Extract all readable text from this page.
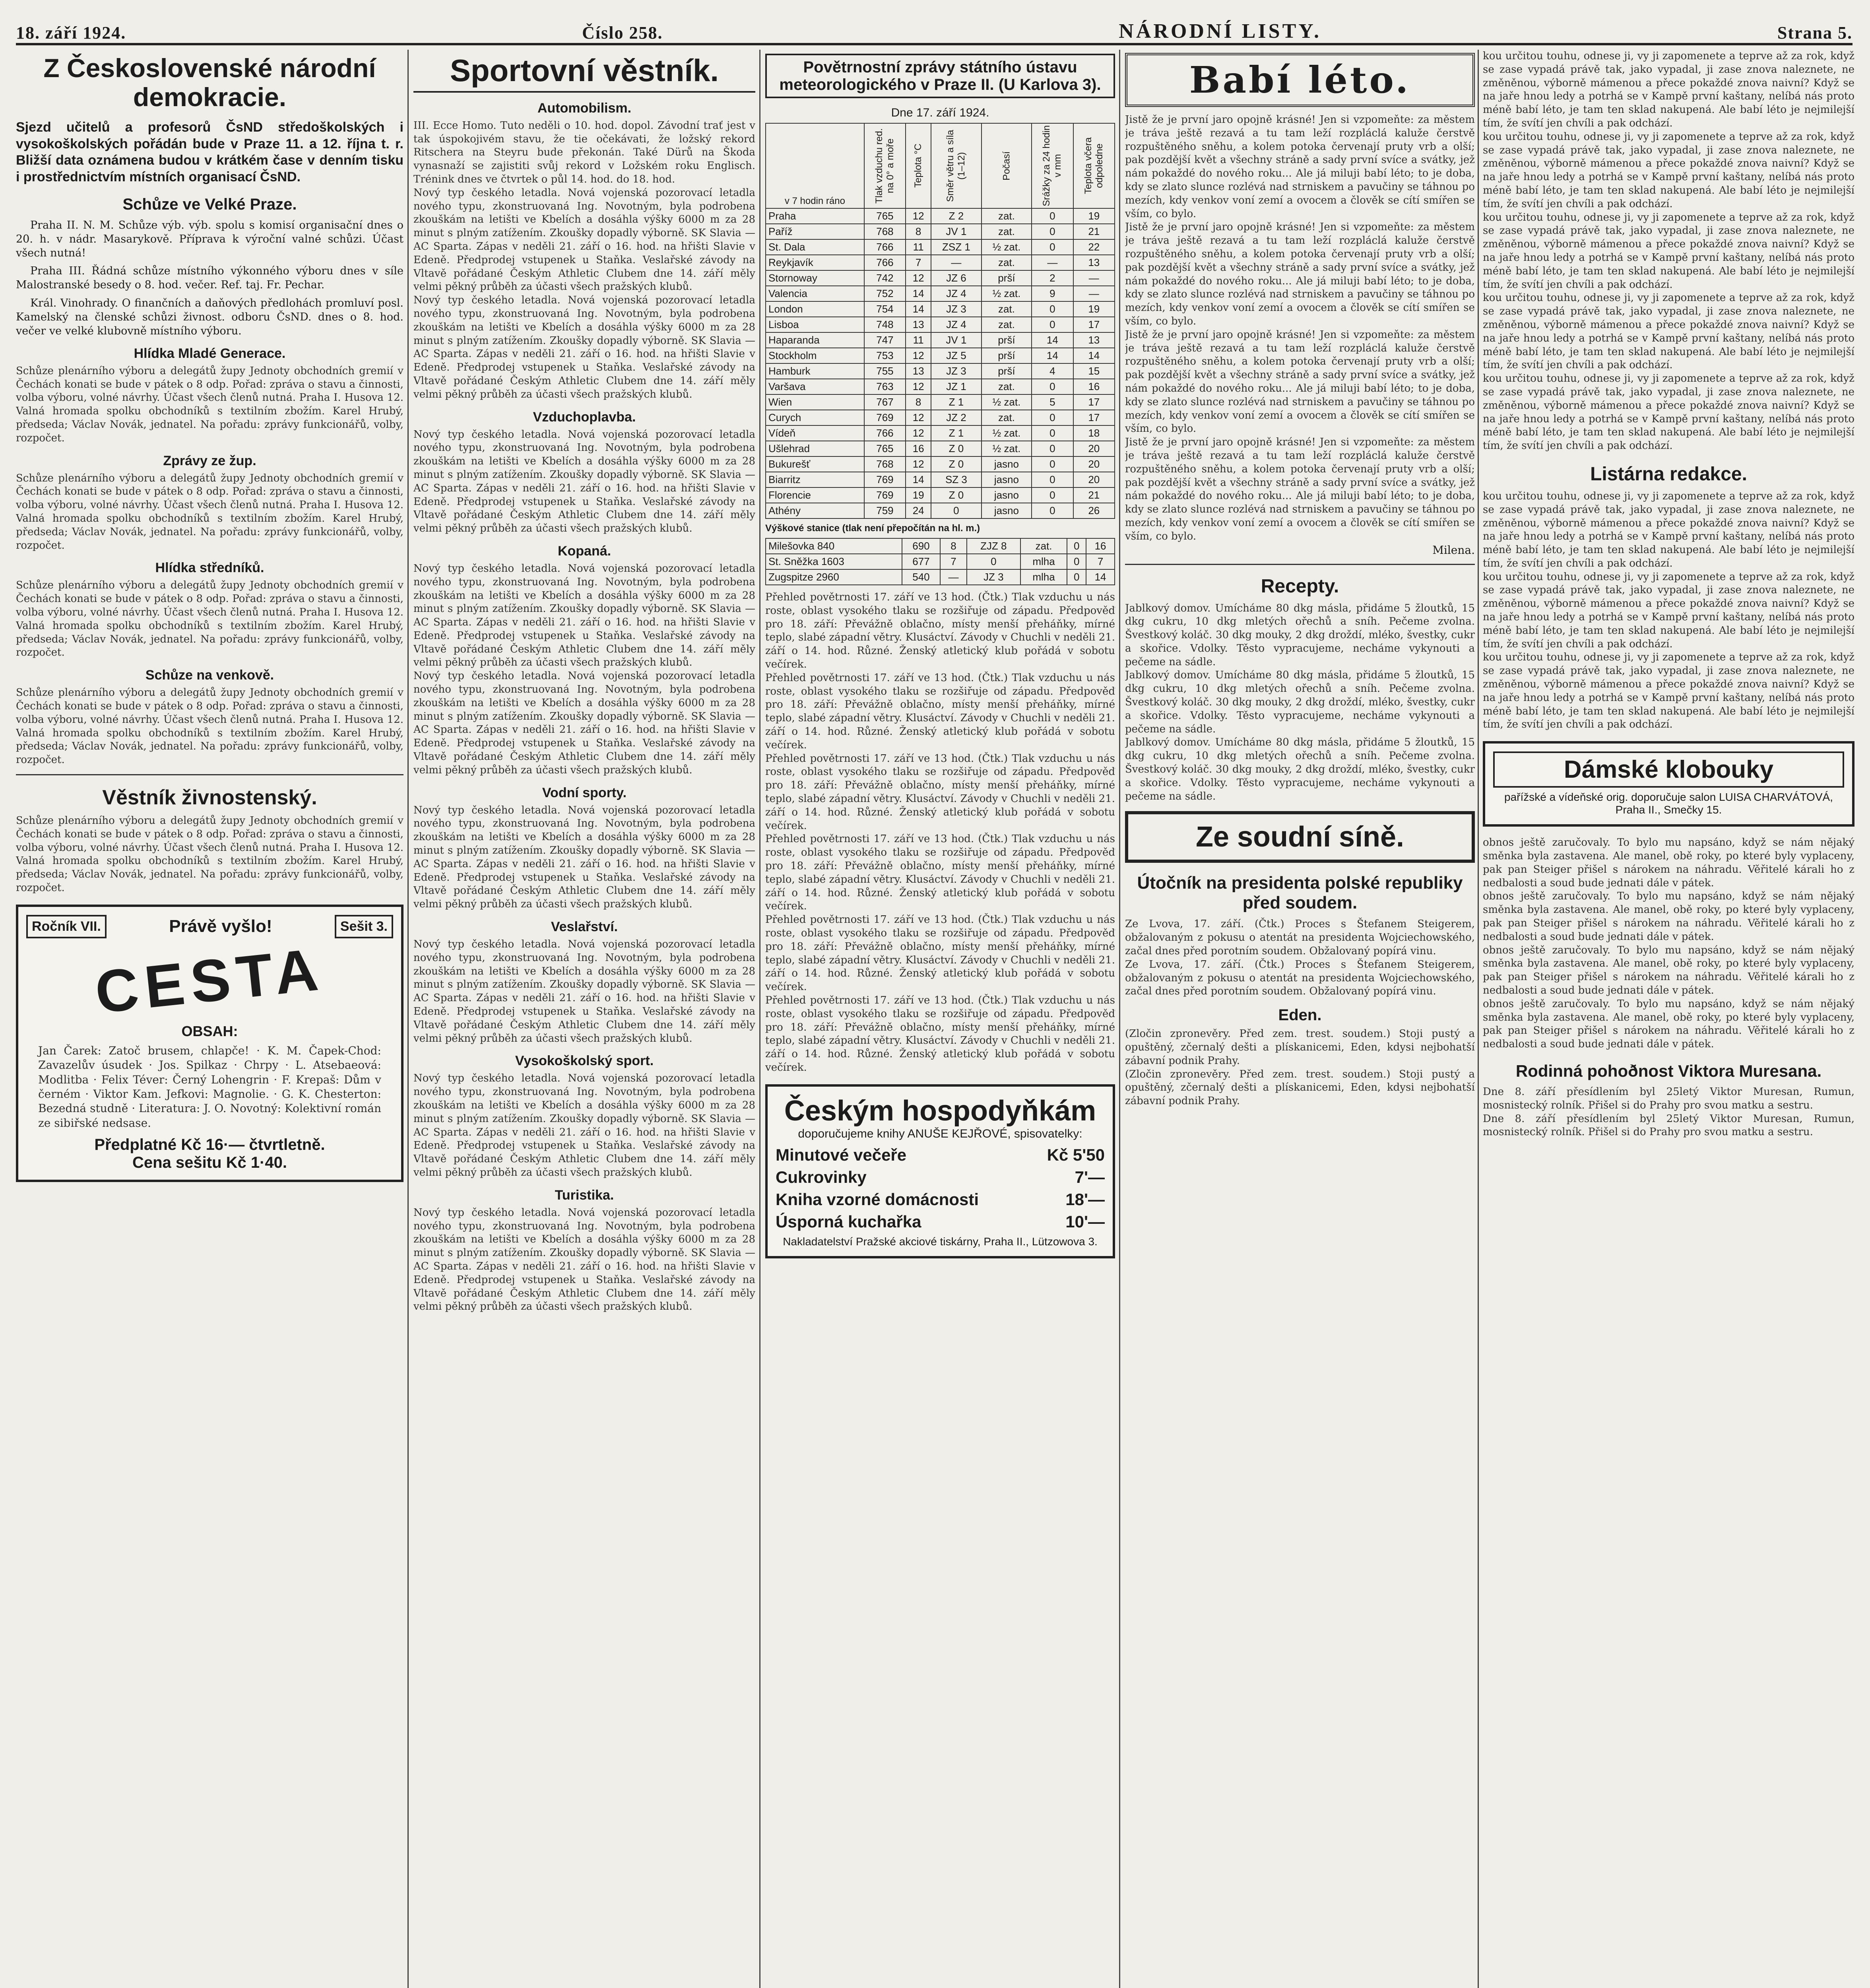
18. září 1924.	Číslo 258.	NÁRODNÍ LISTY.	Strana 5.
Z Československé národní demokracie.
Sjezd učitelů a profesorů ČsND středoškolských i vysokoškolských pořádán bude v Praze 11. a 12. října t. r. Bližší data oznámena budou v krátkém čase v denním tisku i prostřednictvím místních organisací ČsND.
Schůze ve Velké Praze.

Praha II. N. M. Schůze výb. výb. spolu s komisí organisační dnes o 20. h. v nádr. Masarykově. Příprava k výroční valné schůzi. Účast všech nutná!

Praha III. Řádná schůze místního výkonného výboru dnes v síle Malostranské besedy o 8. hod. večer. Ref. taj. Fr. Pechar.

Král. Vinohrady. O finančních a daňových předlohách promluví posl. Kamelský na členské schůzi živnost. odboru ČsND. dnes o 8. hod. večer ve velké klubovně místního výboru.

Hlídka Mladé Generace.
Schůze plenárního výboru a delegátů župy Jednoty obchodních gremií v Čechách konati se bude v pátek o 8 odp. Pořad: zpráva o stavu a činnosti, volba výboru, volné návrhy. Účast všech členů nutná. Praha I. Husova 12. Valná hromada spolku obchodníků s textilním zbožím. Karel Hrubý, předseda; Václav Novák, jednatel. Na pořadu: zprávy funkcionářů, volby, rozpočet.
Zprávy ze žup.
Schůze plenárního výboru a delegátů župy Jednoty obchodních gremií v Čechách konati se bude v pátek o 8 odp. Pořad: zpráva o stavu a činnosti, volba výboru, volné návrhy. Účast všech členů nutná. Praha I. Husova 12. Valná hromada spolku obchodníků s textilním zbožím. Karel Hrubý, předseda; Václav Novák, jednatel. Na pořadu: zprávy funkcionářů, volby, rozpočet.
Hlídka středníků.
Schůze plenárního výboru a delegátů župy Jednoty obchodních gremií v Čechách konati se bude v pátek o 8 odp. Pořad: zpráva o stavu a činnosti, volba výboru, volné návrhy. Účast všech členů nutná. Praha I. Husova 12. Valná hromada spolku obchodníků s textilním zbožím. Karel Hrubý, předseda; Václav Novák, jednatel. Na pořadu: zprávy funkcionářů, volby, rozpočet.
Schůze na venkově.
Schůze plenárního výboru a delegátů župy Jednoty obchodních gremií v Čechách konati se bude v pátek o 8 odp. Pořad: zpráva o stavu a činnosti, volba výboru, volné návrhy. Účast všech členů nutná. Praha I. Husova 12. Valná hromada spolku obchodníků s textilním zbožím. Karel Hrubý, předseda; Václav Novák, jednatel. Na pořadu: zprávy funkcionářů, volby, rozpočet.
Věstník živnostenský.
Schůze plenárního výboru a delegátů župy Jednoty obchodních gremií v Čechách konati se bude v pátek o 8 odp. Pořad: zpráva o stavu a činnosti, volba výboru, volné návrhy. Účast všech členů nutná. Praha I. Husova 12. Valná hromada spolku obchodníků s textilním zbožím. Karel Hrubý, předseda; Václav Novák, jednatel. Na pořadu: zprávy funkcionářů, volby, rozpočet.
Ročník VII.	Právě vyšlo!	Sešit 3.
CESTA
OBSAH:
Jan Čarek: Zatoč brusem, chlapče! · K. M. Čapek-Chod: Zavazelův úsudek · Jos. Spilkaz · Chrpy · L. Atsebaeová: Modlitba · Felix Téver: Černý Lohengrin · F. Krepaš: Dům v černém · Viktor Kam. Jefkovi: Magnolie. · G. K. Chesterton: Bezedná studně · Literatura: J. O. Novotný: Kolektivní román ze sibiřské nedsase.
Předplatné Kč 16·— čtvrtletně.
Cena sešitu Kč 1·40.
Sportovní věstník.
Automobilism.
III. Ecce Homo. Tuto neděli o 10. hod. dopol. Závodní trať jest v tak úspokojivém stavu, že tie očekávati, že ložský rekord Ritschera na Steyru bude překonán. Také Dürů na Škoda vynasnaží se zajistiti svůj rekord v Ložském roku Englisch. Trénink dnes ve čtvrtek o půl 14. hod. do 18. hod.
Nový typ českého letadla. Nová vojenská pozorovací letadla nového typu, zkonstruovaná Ing. Novotným, byla podrobena zkouškám na letišti ve Kbelích a dosáhla výšky 6000 m za 28 minut s plným zatížením. Zkoušky dopadly výborně. SK Slavia — AC Sparta. Zápas v neděli 21. září o 16. hod. na hřišti Slavie v Edeně. Předprodej vstupenek u Staňka. Veslařské závody na Vltavě pořádané Českým Athletic Clubem dne 14. září měly velmi pěkný průběh za účasti všech pražských klubů.
Nový typ českého letadla. Nová vojenská pozorovací letadla nového typu, zkonstruovaná Ing. Novotným, byla podrobena zkouškám na letišti ve Kbelích a dosáhla výšky 6000 m za 28 minut s plným zatížením. Zkoušky dopadly výborně. SK Slavia — AC Sparta. Zápas v neděli 21. září o 16. hod. na hřišti Slavie v Edeně. Předprodej vstupenek u Staňka. Veslařské závody na Vltavě pořádané Českým Athletic Clubem dne 14. září měly velmi pěkný průběh za účasti všech pražských klubů.
Vzduchoplavba.
Nový typ českého letadla. Nová vojenská pozorovací letadla nového typu, zkonstruovaná Ing. Novotným, byla podrobena zkouškám na letišti ve Kbelích a dosáhla výšky 6000 m za 28 minut s plným zatížením. Zkoušky dopadly výborně. SK Slavia — AC Sparta. Zápas v neděli 21. září o 16. hod. na hřišti Slavie v Edeně. Předprodej vstupenek u Staňka. Veslařské závody na Vltavě pořádané Českým Athletic Clubem dne 14. září měly velmi pěkný průběh za účasti všech pražských klubů.
Kopaná.
Nový typ českého letadla. Nová vojenská pozorovací letadla nového typu, zkonstruovaná Ing. Novotným, byla podrobena zkouškám na letišti ve Kbelích a dosáhla výšky 6000 m za 28 minut s plným zatížením. Zkoušky dopadly výborně. SK Slavia — AC Sparta. Zápas v neděli 21. září o 16. hod. na hřišti Slavie v Edeně. Předprodej vstupenek u Staňka. Veslařské závody na Vltavě pořádané Českým Athletic Clubem dne 14. září měly velmi pěkný průběh za účasti všech pražských klubů.
Nový typ českého letadla. Nová vojenská pozorovací letadla nového typu, zkonstruovaná Ing. Novotným, byla podrobena zkouškám na letišti ve Kbelích a dosáhla výšky 6000 m za 28 minut s plným zatížením. Zkoušky dopadly výborně. SK Slavia — AC Sparta. Zápas v neděli 21. září o 16. hod. na hřišti Slavie v Edeně. Předprodej vstupenek u Staňka. Veslařské závody na Vltavě pořádané Českým Athletic Clubem dne 14. září měly velmi pěkný průběh za účasti všech pražských klubů.
Vodní sporty.
Nový typ českého letadla. Nová vojenská pozorovací letadla nového typu, zkonstruovaná Ing. Novotným, byla podrobena zkouškám na letišti ve Kbelích a dosáhla výšky 6000 m za 28 minut s plným zatížením. Zkoušky dopadly výborně. SK Slavia — AC Sparta. Zápas v neděli 21. září o 16. hod. na hřišti Slavie v Edeně. Předprodej vstupenek u Staňka. Veslařské závody na Vltavě pořádané Českým Athletic Clubem dne 14. září měly velmi pěkný průběh za účasti všech pražských klubů.
Veslařství.
Nový typ českého letadla. Nová vojenská pozorovací letadla nového typu, zkonstruovaná Ing. Novotným, byla podrobena zkouškám na letišti ve Kbelích a dosáhla výšky 6000 m za 28 minut s plným zatížením. Zkoušky dopadly výborně. SK Slavia — AC Sparta. Zápas v neděli 21. září o 16. hod. na hřišti Slavie v Edeně. Předprodej vstupenek u Staňka. Veslařské závody na Vltavě pořádané Českým Athletic Clubem dne 14. září měly velmi pěkný průběh za účasti všech pražských klubů.
Vysokoškolský sport.
Nový typ českého letadla. Nová vojenská pozorovací letadla nového typu, zkonstruovaná Ing. Novotným, byla podrobena zkouškám na letišti ve Kbelích a dosáhla výšky 6000 m za 28 minut s plným zatížením. Zkoušky dopadly výborně. SK Slavia — AC Sparta. Zápas v neděli 21. září o 16. hod. na hřišti Slavie v Edeně. Předprodej vstupenek u Staňka. Veslařské závody na Vltavě pořádané Českým Athletic Clubem dne 14. září měly velmi pěkný průběh za účasti všech pražských klubů.
Turistika.
Nový typ českého letadla. Nová vojenská pozorovací letadla nového typu, zkonstruovaná Ing. Novotným, byla podrobena zkouškám na letišti ve Kbelích a dosáhla výšky 6000 m za 28 minut s plným zatížením. Zkoušky dopadly výborně. SK Slavia — AC Sparta. Zápas v neděli 21. září o 16. hod. na hřišti Slavie v Edeně. Předprodej vstupenek u Staňka. Veslařské závody na Vltavě pořádané Českým Athletic Clubem dne 14. září měly velmi pěkný průběh za účasti všech pražských klubů.
Povětrnostní zprávy státního ústavu meteorologického v Praze II. (U Karlova 3).
Dne 17. září 1924.
v 7 hodin ráno	Tlak vzduchu red. na 0° a moře	Teplota °C	Směr větru a síla (1–12)	Počasí	Srážky za 24 hodin v mm	Teplota včera odpoledne
Praha	765	12	Z 2	zat.	0	19
Paříž	768	8	JV 1	zat.	0	21
St. Dala	766	11	ZSZ 1	½ zat.	0	22
Reykjavík	766	7	—	zat.	—	13
Stornoway	742	12	JZ 6	prší	2	—
Valencia	752	14	JZ 4	½ zat.	9	—
London	754	14	JZ 3	zat.	0	19
Lisboa	748	13	JZ 4	zat.	0	17
Haparanda	747	11	JV 1	prší	14	13
Stockholm	753	12	JZ 5	prší	14	14
Hamburk	755	13	JZ 3	prší	4	15
Varšava	763	12	JZ 1	zat.	0	16
Wien	767	8	Z 1	½ zat.	5	17
Curych	769	12	JZ 2	zat.	0	17
Vídeň	766	12	Z 1	½ zat.	0	18
Ušlehrad	765	16	Z 0	½ zat.	0	20
Bukurešť	768	12	Z 0	jasno	0	20
Biarritz	769	14	SZ 3	jasno	0	20
Florencie	769	19	Z 0	jasno	0	21
Athény	759	24	0	jasno	0	26
Výškové stanice (tlak není přepočítán na hl. m.)
Milešovka 840	690	8	ZJZ 8	zat.	0	16
St. Sněžka 1603	677	7	0	mlha	0	7
Zugspitze 2960	540	—	JZ 3	mlha	0	14
Přehled povětrnosti 17. září ve 13 hod. (Čtk.) Tlak vzduchu u nás roste, oblast vysokého tlaku se rozšiřuje od západu. Předpověď pro 18. září: Převážně oblačno, místy menší přeháňky, mírné teplo, slabé západní větry. Klusáctví. Závody v Chuchli v neděli 21. září o 14. hod. Různé. Ženský atletický klub pořádá v sobotu večírek.
Přehled povětrnosti 17. září ve 13 hod. (Čtk.) Tlak vzduchu u nás roste, oblast vysokého tlaku se rozšiřuje od západu. Předpověď pro 18. září: Převážně oblačno, místy menší přeháňky, mírné teplo, slabé západní větry. Klusáctví. Závody v Chuchli v neděli 21. září o 14. hod. Různé. Ženský atletický klub pořádá v sobotu večírek.
Přehled povětrnosti 17. září ve 13 hod. (Čtk.) Tlak vzduchu u nás roste, oblast vysokého tlaku se rozšiřuje od západu. Předpověď pro 18. září: Převážně oblačno, místy menší přeháňky, mírné teplo, slabé západní větry. Klusáctví. Závody v Chuchli v neděli 21. září o 14. hod. Různé. Ženský atletický klub pořádá v sobotu večírek.
Přehled povětrnosti 17. září ve 13 hod. (Čtk.) Tlak vzduchu u nás roste, oblast vysokého tlaku se rozšiřuje od západu. Předpověď pro 18. září: Převážně oblačno, místy menší přeháňky, mírné teplo, slabé západní větry. Klusáctví. Závody v Chuchli v neděli 21. září o 14. hod. Různé. Ženský atletický klub pořádá v sobotu večírek.
Přehled povětrnosti 17. září ve 13 hod. (Čtk.) Tlak vzduchu u nás roste, oblast vysokého tlaku se rozšiřuje od západu. Předpověď pro 18. září: Převážně oblačno, místy menší přeháňky, mírné teplo, slabé západní větry. Klusáctví. Závody v Chuchli v neděli 21. září o 14. hod. Různé. Ženský atletický klub pořádá v sobotu večírek.
Přehled povětrnosti 17. září ve 13 hod. (Čtk.) Tlak vzduchu u nás roste, oblast vysokého tlaku se rozšiřuje od západu. Předpověď pro 18. září: Převážně oblačno, místy menší přeháňky, mírné teplo, slabé západní větry. Klusáctví. Závody v Chuchli v neděli 21. září o 14. hod. Různé. Ženský atletický klub pořádá v sobotu večírek.
Českým hospodyňkám
doporučujeme knihy ANUŠE KEJŘOVÉ, spisovatelky:
Minutové večeře	Kč 5'50
Cukrovinky	7'—
Kniha vzorné domácnosti	18'—
Úsporná kuchařka	10'—
Nakladatelství Pražské akciové tiskárny, Praha II., Lützowova 3.
Babí léto.
Jistě že je první jaro opojně krásné! Jen si vzpomeňte: za městem je tráva ještě rezavá a tu tam leží rozpláclá kaluže čerstvě rozpuštěného sněhu, a kolem potoka červenají pruty vrb a olší; pak pozdější květ a všechny stráně a sady první svíce a svátky, jež nám pokaždé do nového roku... Ale já miluji babí léto; to je doba, kdy se zlato slunce rozlévá nad strniskem a pavučiny se táhnou po mezích, kdy venkov voní zemí a ovocem a člověk se cítí smířen se vším, co bylo.
Jistě že je první jaro opojně krásné! Jen si vzpomeňte: za městem je tráva ještě rezavá a tu tam leží rozpláclá kaluže čerstvě rozpuštěného sněhu, a kolem potoka červenají pruty vrb a olší; pak pozdější květ a všechny stráně a sady první svíce a svátky, jež nám pokaždé do nového roku... Ale já miluji babí léto; to je doba, kdy se zlato slunce rozlévá nad strniskem a pavučiny se táhnou po mezích, kdy venkov voní zemí a ovocem a člověk se cítí smířen se vším, co bylo.
Jistě že je první jaro opojně krásné! Jen si vzpomeňte: za městem je tráva ještě rezavá a tu tam leží rozpláclá kaluže čerstvě rozpuštěného sněhu, a kolem potoka červenají pruty vrb a olší; pak pozdější květ a všechny stráně a sady první svíce a svátky, jež nám pokaždé do nového roku... Ale já miluji babí léto; to je doba, kdy se zlato slunce rozlévá nad strniskem a pavučiny se táhnou po mezích, kdy venkov voní zemí a ovocem a člověk se cítí smířen se vším, co bylo.
Jistě že je první jaro opojně krásné! Jen si vzpomeňte: za městem je tráva ještě rezavá a tu tam leží rozpláclá kaluže čerstvě rozpuštěného sněhu, a kolem potoka červenají pruty vrb a olší; pak pozdější květ a všechny stráně a sady první svíce a svátky, jež nám pokaždé do nového roku... Ale já miluji babí léto; to je doba, kdy se zlato slunce rozlévá nad strniskem a pavučiny se táhnou po mezích, kdy venkov voní zemí a ovocem a člověk se cítí smířen se vším, co bylo.
Milena.
Recepty.
Jablkový domov. Umícháme 80 dkg másla, přidáme 5 žloutků, 15 dkg cukru, 10 dkg mletých ořechů a sníh. Pečeme zvolna. Švestkový koláč. 30 dkg mouky, 2 dkg droždí, mléko, švestky, cukr a skořice. Vdolky. Těsto vypracujeme, necháme vykynouti a pečeme na sádle.
Jablkový domov. Umícháme 80 dkg másla, přidáme 5 žloutků, 15 dkg cukru, 10 dkg mletých ořechů a sníh. Pečeme zvolna. Švestkový koláč. 30 dkg mouky, 2 dkg droždí, mléko, švestky, cukr a skořice. Vdolky. Těsto vypracujeme, necháme vykynouti a pečeme na sádle.
Jablkový domov. Umícháme 80 dkg másla, přidáme 5 žloutků, 15 dkg cukru, 10 dkg mletých ořechů a sníh. Pečeme zvolna. Švestkový koláč. 30 dkg mouky, 2 dkg droždí, mléko, švestky, cukr a skořice. Vdolky. Těsto vypracujeme, necháme vykynouti a pečeme na sádle.
Ze soudní síně.
Útočník na presidenta polské republiky před soudem.
Ze Lvova, 17. září. (Čtk.) Proces s Štefanem Steigerem, obžalovaným z pokusu o atentát na presidenta Wojciechowského, začal dnes před porotním soudem. Obžalovaný popírá vinu.
Ze Lvova, 17. září. (Čtk.) Proces s Štefanem Steigerem, obžalovaným z pokusu o atentát na presidenta Wojciechowského, začal dnes před porotním soudem. Obžalovaný popírá vinu.
Eden.
(Zločin zpronevěry. Před zem. trest. soudem.) Stoji pustý a opuštěný, zčernalý dešti a plískanicemi, Eden, kdysi nejbohatší zábavní podnik Prahy.
(Zločin zpronevěry. Před zem. trest. soudem.) Stoji pustý a opuštěný, zčernalý dešti a plískanicemi, Eden, kdysi nejbohatší zábavní podnik Prahy.
kou určitou touhu, odnese ji, vy ji zapomenete a teprve až za rok, když se zase vypadá právě tak, jako vypadal, ji zase znova naleznete, ne změněnou, výborně mámenou a přece pokaždé znova naivní? Když se na jaře hnou ledy a potrhá se v Kampě první kaštany, nelíbá nás proto méně babí léto, je tam ten sklad nakupená. Ale babí léto je nejmilejší tím, že svítí jen chvíli a pak odchází.
kou určitou touhu, odnese ji, vy ji zapomenete a teprve až za rok, když se zase vypadá právě tak, jako vypadal, ji zase znova naleznete, ne změněnou, výborně mámenou a přece pokaždé znova naivní? Když se na jaře hnou ledy a potrhá se v Kampě první kaštany, nelíbá nás proto méně babí léto, je tam ten sklad nakupená. Ale babí léto je nejmilejší tím, že svítí jen chvíli a pak odchází.
kou určitou touhu, odnese ji, vy ji zapomenete a teprve až za rok, když se zase vypadá právě tak, jako vypadal, ji zase znova naleznete, ne změněnou, výborně mámenou a přece pokaždé znova naivní? Když se na jaře hnou ledy a potrhá se v Kampě první kaštany, nelíbá nás proto méně babí léto, je tam ten sklad nakupená. Ale babí léto je nejmilejší tím, že svítí jen chvíli a pak odchází.
kou určitou touhu, odnese ji, vy ji zapomenete a teprve až za rok, když se zase vypadá právě tak, jako vypadal, ji zase znova naleznete, ne změněnou, výborně mámenou a přece pokaždé znova naivní? Když se na jaře hnou ledy a potrhá se v Kampě první kaštany, nelíbá nás proto méně babí léto, je tam ten sklad nakupená. Ale babí léto je nejmilejší tím, že svítí jen chvíli a pak odchází.
kou určitou touhu, odnese ji, vy ji zapomenete a teprve až za rok, když se zase vypadá právě tak, jako vypadal, ji zase znova naleznete, ne změněnou, výborně mámenou a přece pokaždé znova naivní? Když se na jaře hnou ledy a potrhá se v Kampě první kaštany, nelíbá nás proto méně babí léto, je tam ten sklad nakupená. Ale babí léto je nejmilejší tím, že svítí jen chvíli a pak odchází.
Listárna redakce.
kou určitou touhu, odnese ji, vy ji zapomenete a teprve až za rok, když se zase vypadá právě tak, jako vypadal, ji zase znova naleznete, ne změněnou, výborně mámenou a přece pokaždé znova naivní? Když se na jaře hnou ledy a potrhá se v Kampě první kaštany, nelíbá nás proto méně babí léto, je tam ten sklad nakupená. Ale babí léto je nejmilejší tím, že svítí jen chvíli a pak odchází.
kou určitou touhu, odnese ji, vy ji zapomenete a teprve až za rok, když se zase vypadá právě tak, jako vypadal, ji zase znova naleznete, ne změněnou, výborně mámenou a přece pokaždé znova naivní? Když se na jaře hnou ledy a potrhá se v Kampě první kaštany, nelíbá nás proto méně babí léto, je tam ten sklad nakupená. Ale babí léto je nejmilejší tím, že svítí jen chvíli a pak odchází.
kou určitou touhu, odnese ji, vy ji zapomenete a teprve až za rok, když se zase vypadá právě tak, jako vypadal, ji zase znova naleznete, ne změněnou, výborně mámenou a přece pokaždé znova naivní? Když se na jaře hnou ledy a potrhá se v Kampě první kaštany, nelíbá nás proto méně babí léto, je tam ten sklad nakupená. Ale babí léto je nejmilejší tím, že svítí jen chvíli a pak odchází.
Dámské klobouky
pařížské a vídeňské orig. doporučuje salon LUISA CHARVÁTOVÁ, Praha II., Smečky 15.
obnos ještě zaručovaly. To bylo mu napsáno, když se nám nějaký směnka byla zastavena. Ale manel, obě roky, po které byly vyplaceny, pak pan Steiger přišel s nárokem na náhradu. Věřitelé kárali ho z nedbalosti a soud bude jednati dále v pátek.
obnos ještě zaručovaly. To bylo mu napsáno, když se nám nějaký směnka byla zastavena. Ale manel, obě roky, po které byly vyplaceny, pak pan Steiger přišel s nárokem na náhradu. Věřitelé kárali ho z nedbalosti a soud bude jednati dále v pátek.
obnos ještě zaručovaly. To bylo mu napsáno, když se nám nějaký směnka byla zastavena. Ale manel, obě roky, po které byly vyplaceny, pak pan Steiger přišel s nárokem na náhradu. Věřitelé kárali ho z nedbalosti a soud bude jednati dále v pátek.
obnos ještě zaručovaly. To bylo mu napsáno, když se nám nějaký směnka byla zastavena. Ale manel, obě roky, po které byly vyplaceny, pak pan Steiger přišel s nárokem na náhradu. Věřitelé kárali ho z nedbalosti a soud bude jednati dále v pátek.
Rodinná pohoðnost Viktora Muresana.
Dne 8. září přesídlením byl 25letý Viktor Muresan, Rumun, mosnistecký rolník. Přišel si do Prahy pro svou matku a sestru.
Dne 8. září přesídlením byl 25letý Viktor Muresan, Rumun, mosnistecký rolník. Přišel si do Prahy pro svou matku a sestru.
